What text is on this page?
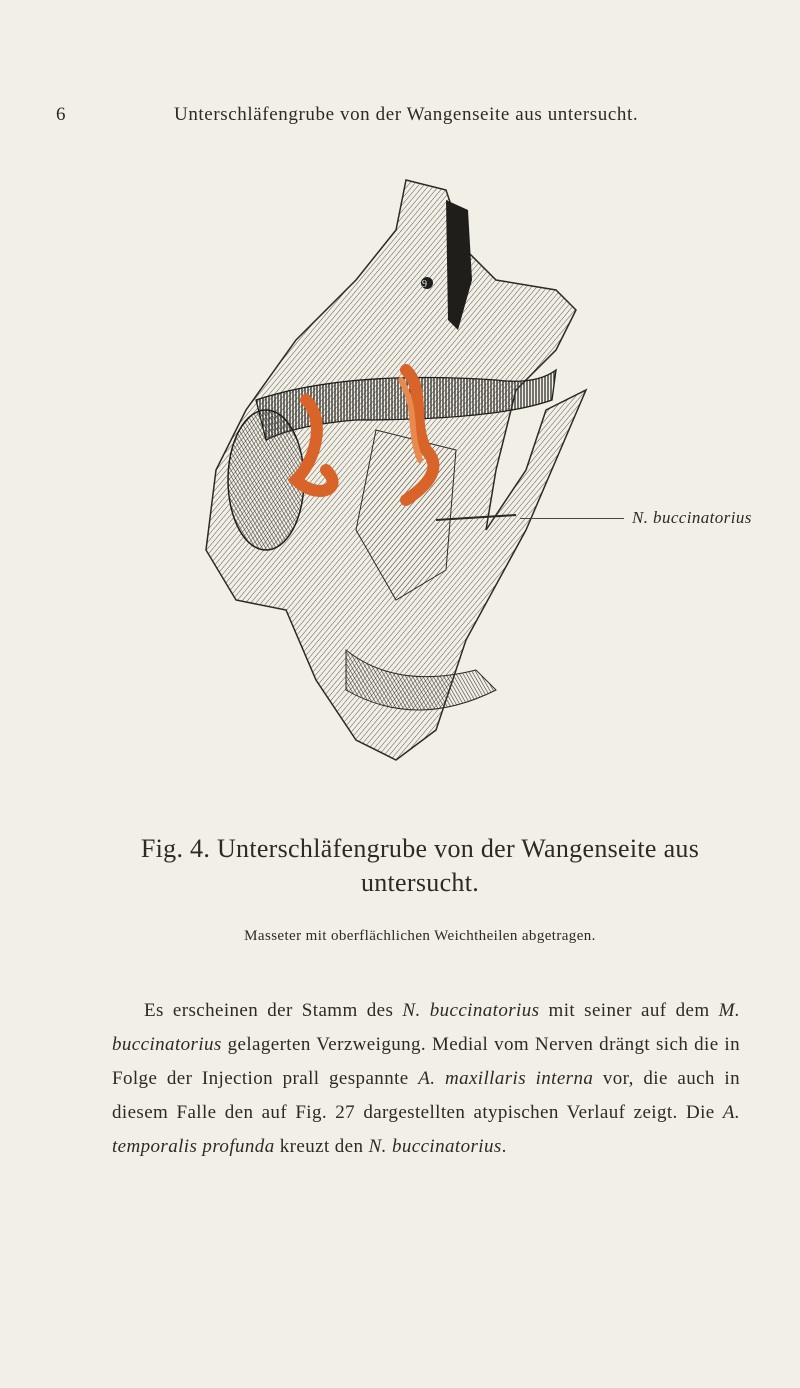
6	Unterschläfengrube von der Wangenseite aus untersucht.
9
N. buccinatorius
Fig. 4. Unterschläfengrube von der Wangenseite aus untersucht.
Masseter mit oberflächlichen Weichtheilen abgetragen.

Es erscheinen der Stamm des N. buccinatorius mit seiner auf dem M. buccinatorius gelagerten Verzweigung. Medial vom Nerven drängt sich die in Folge der Injection prall gespannte A. maxillaris interna vor, die auch in diesem Falle den auf Fig. 27 dargestellten atypischen Verlauf zeigt. Die A. temporalis profunda kreuzt den N. buccinatorius.
